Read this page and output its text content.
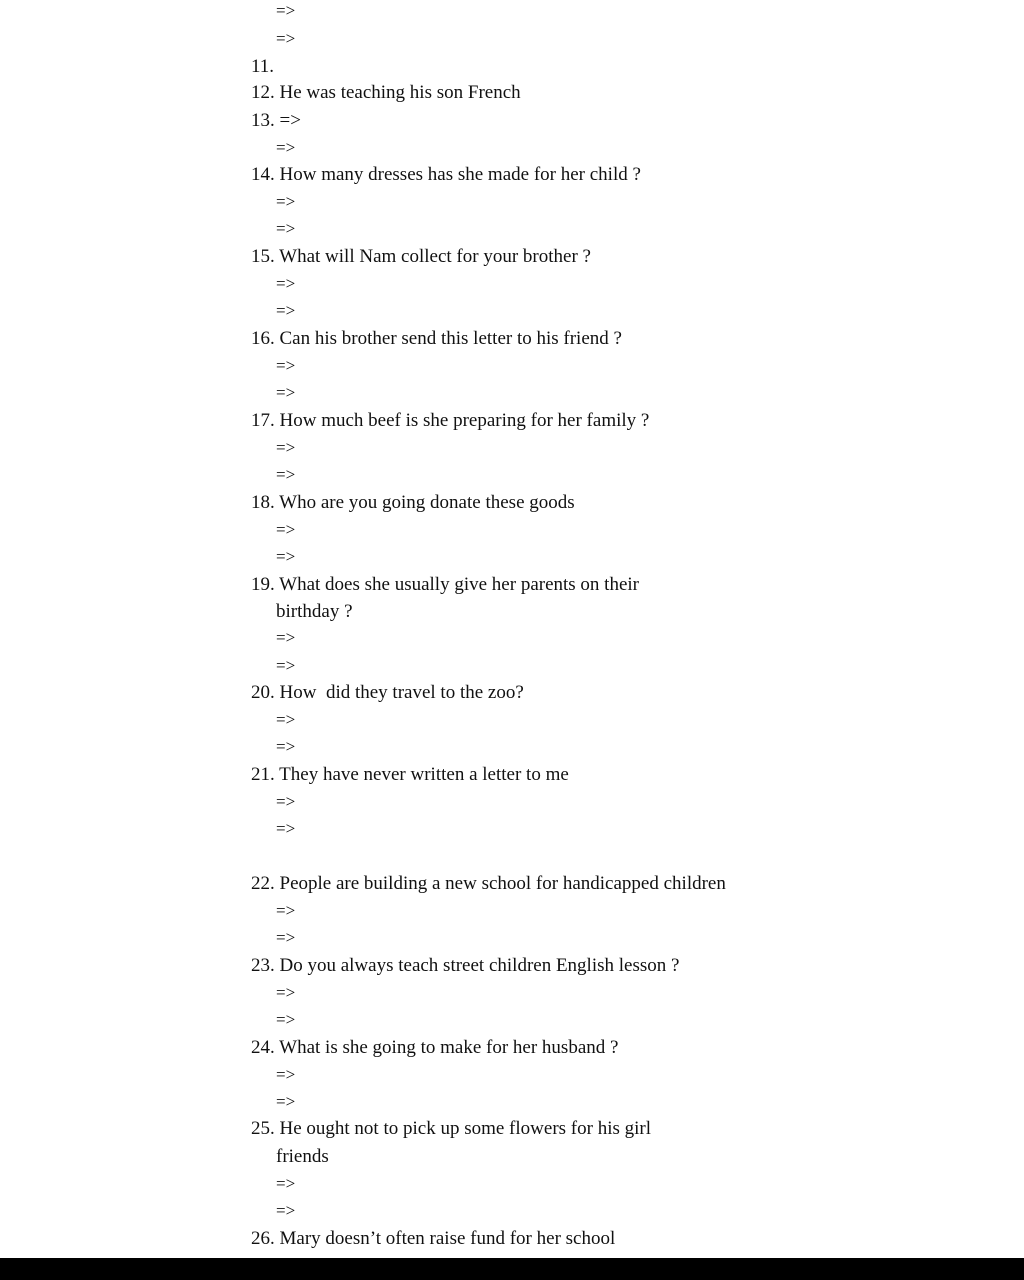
=>
=>
11.
12. He was teaching his son French
13. =>
=>
14. How many dresses has she made for her child ?
=>
=>
15. What will Nam collect for your brother ?
=>
=>
16. Can his brother send this letter to his friend ?
=>
=>
17. How much beef is she preparing for her family ?
=>
=>
18. Who are you going donate these goods
=>
=>
19. What does she usually give her parents on their
birthday ?
=>
=>
20. How  did they travel to the zoo?
=>
=>
21. They have never written a letter to me
=>
=>
22. People are building a new school for handicapped children
=>
=>
23. Do you always teach street children English lesson ?
=>
=>
24. What is she going to make for her husband ?
=>
=>
25. He ought not to pick up some flowers for his girl
friends
=>
=>
26. Mary doesn’t often raise fund for her school
